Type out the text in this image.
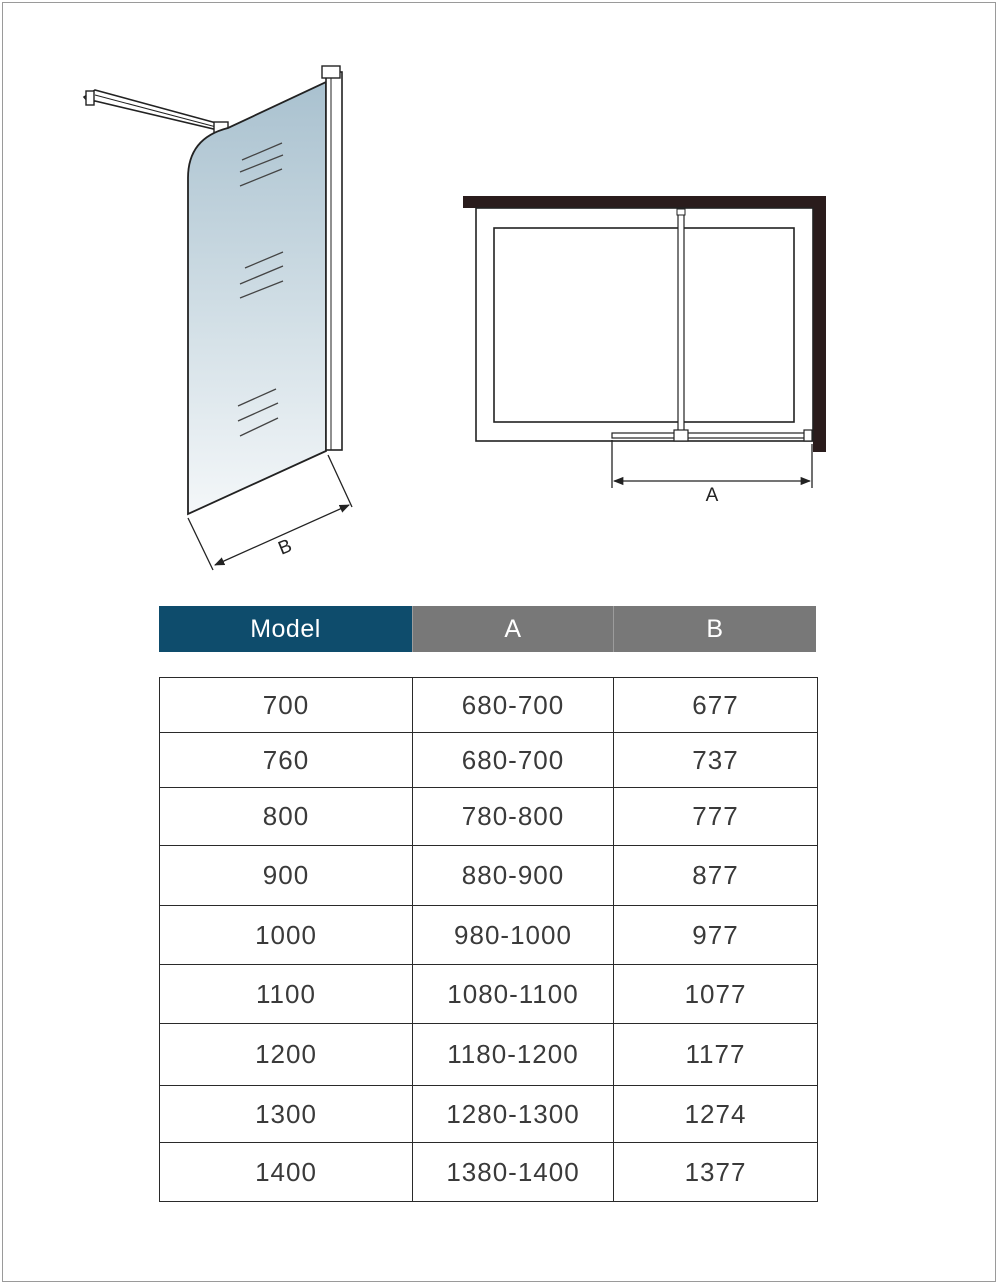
B
A
Model	A	B
700	680-700	677
760	680-700	737
800	780-800	777
900	880-900	877
1000	980-1000	977
1100	1080-1100	1077
1200	1180-1200	1177
1300	1280-1300	1274
1400	1380-1400	1377
